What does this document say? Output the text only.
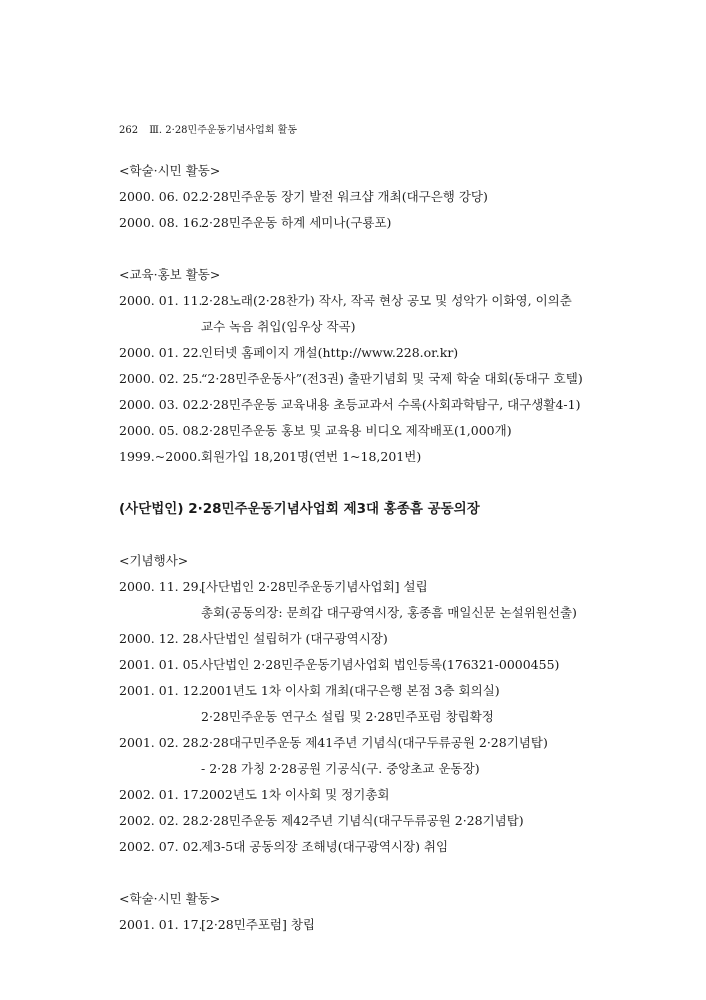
262 Ⅲ. 2·28민주운동기념사업회 활동
<학술·시민 활동>
2000. 06. 02.
2·28민주운동 장기 발전 워크샵 개최(대구은행 강당)
2000. 08. 16.
2·28민주운동 하계 세미나(구룡포)
<교육·홍보 활동>
2000. 01. 11.
2·28노래(2·28찬가) 작사, 작곡 현상 공모 및 성악가 이화영, 이의춘
교수 녹음 취입(임우상 작곡)
2000. 01. 22.
인터넷 홈페이지 개설(http://www.228.or.kr)
2000. 02. 25.
“2·28민주운동사”(전3권) 출판기념회 및 국제 학술 대회(동대구 호텔)
2000. 03. 02.
2·28민주운동 교육내용 초등교과서 수록(사회과학탐구, 대구생활4-1)
2000. 05. 08.
2·28민주운동 홍보 및 교육용 비디오 제작배포(1,000개)
1999.~2000. 회원가입 18,201명(연번 1~18,201번)
(사단법인) 2·28민주운동기념사업회 제3대 홍종흠 공동의장
<기념행사>
2000. 11. 29.
[사단법인 2·28민주운동기념사업회] 설립
총회(공동의장: 문희갑 대구광역시장, 홍종흠 매일신문 논설위원선출)
2000. 12. 28.
사단법인 설립허가 (대구광역시장)
2001. 01. 05.
사단법인 2·28민주운동기념사업회 법인등록(176321-0000455)
2001. 01. 12.
2001년도 1차 이사회 개최(대구은행 본점 3층 회의실)
2·28민주운동 연구소 설립 및 2·28민주포럼 창립확정
2001. 02. 28.
2·28대구민주운동 제41주년 기념식(대구두류공원 2·28기념탑)
- 2·28 가칭 2·28공원 기공식(구. 중앙초교 운동장)
2002. 01. 17.
2002년도 1차 이사회 및 정기총회
2002. 02. 28.
2·28민주운동 제42주년 기념식(대구두류공원 2·28기념탑)
2002. 07. 02.
제3-5대 공동의장 조해녕(대구광역시장) 취임
<학술·시민 활동>
2001. 01. 17.
[2·28민주포럼] 창립
